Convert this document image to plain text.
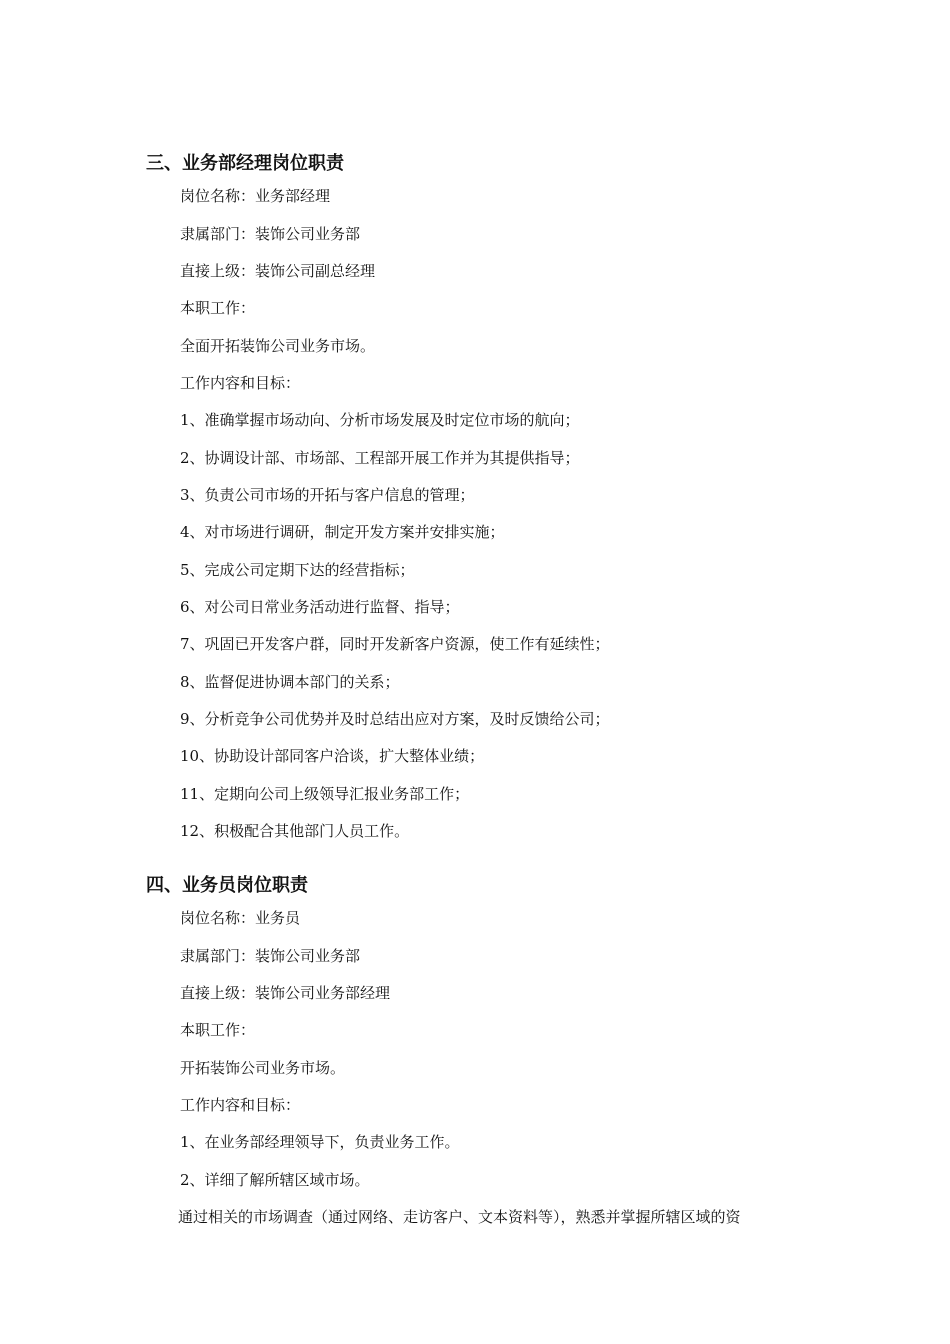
三、业务部经理岗位职责
岗位名称：业务部经理
隶属部门：装饰公司业务部
直接上级：装饰公司副总经理
本职工作：
全面开拓装饰公司业务市场。
工作内容和目标：
1、准确掌握市场动向、分析市场发展及时定位市场的航向；
2、协调设计部、市场部、工程部开展工作并为其提供指导；
3、负责公司市场的开拓与客户信息的管理；
4、对市场进行调研，制定开发方案并安排实施；
5、完成公司定期下达的经营指标；
6、对公司日常业务活动进行监督、指导；
7、巩固已开发客户群，同时开发新客户资源，使工作有延续性；
8、监督促进协调本部门的关系；
9、分析竞争公司优势并及时总结出应对方案，及时反馈给公司；
10、协助设计部同客户洽谈，扩大整体业绩；
11、定期向公司上级领导汇报业务部工作；
12、积极配合其他部门人员工作。
四、业务员岗位职责
岗位名称：业务员
隶属部门：装饰公司业务部
直接上级：装饰公司业务部经理
本职工作：
开拓装饰公司业务市场。
工作内容和目标：
1、在业务部经理领导下，负责业务工作。
2、详细了解所辖区域市场。
通过相关的市场调查（通过网络、走访客户、文本资料等），熟悉并掌握所辖区域的资
